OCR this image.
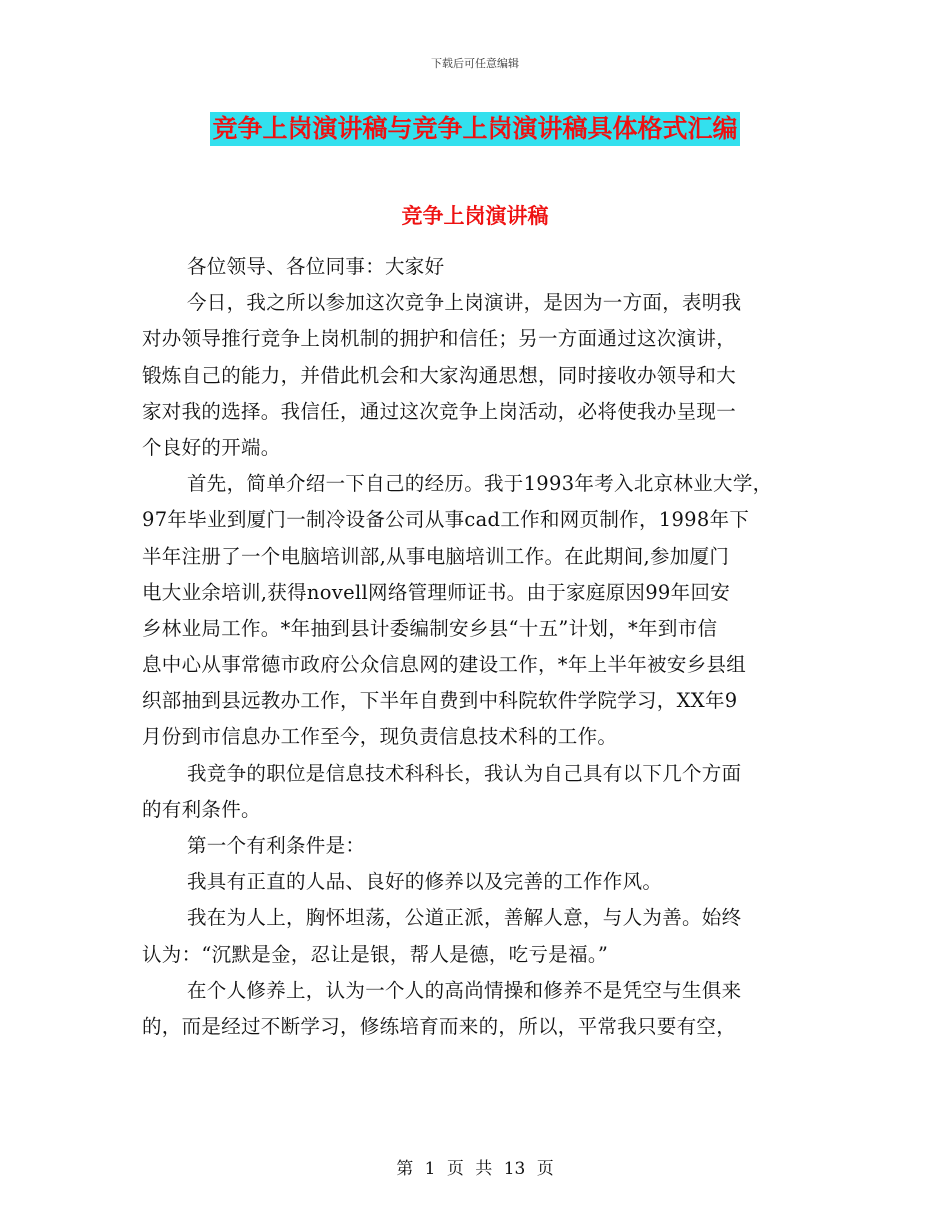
下载后可任意编辑
竞争上岗演讲稿与竞争上岗演讲稿具体格式汇编
竞争上岗演讲稿
各位领导、各位同事：大家好
今日，我之所以参加这次竞争上岗演讲，是因为一方面，表明我
对办领导推行竞争上岗机制的拥护和信任；另一方面通过这次演讲，
锻炼自己的能力，并借此机会和大家沟通思想，同时接收办领导和大
家对我的选择。我信任，通过这次竞争上岗活动，必将使我办呈现一
个良好的开端。
首先，简单介绍一下自己的经历。我于1993年考入北京林业大学，
97年毕业到厦门一制冷设备公司从事cad工作和网页制作，1998年下
半年注册了一个电脑培训部,从事电脑培训工作。在此期间,参加厦门
电大业余培训,获得novell网络管理师证书。由于家庭原因99年回安
乡林业局工作。*年抽到县计委编制安乡县“十五”计划，*年到市信
息中心从事常德市政府公众信息网的建设工作，*年上半年被安乡县组
织部抽到县远教办工作，下半年自费到中科院软件学院学习，XX年9
月份到市信息办工作至今，现负责信息技术科的工作。
我竞争的职位是信息技术科科长，我认为自己具有以下几个方面
的有利条件。
第一个有利条件是：
我具有正直的人品、良好的修养以及完善的工作作风。
我在为人上，胸怀坦荡，公道正派，善解人意，与人为善。始终
认为：“沉默是金，忍让是银，帮人是德，吃亏是福。”
在个人修养上，认为一个人的高尚情操和修养不是凭空与生俱来
的，而是经过不断学习，修练培育而来的，所以，平常我只要有空，
第 1 页 共 13 页
